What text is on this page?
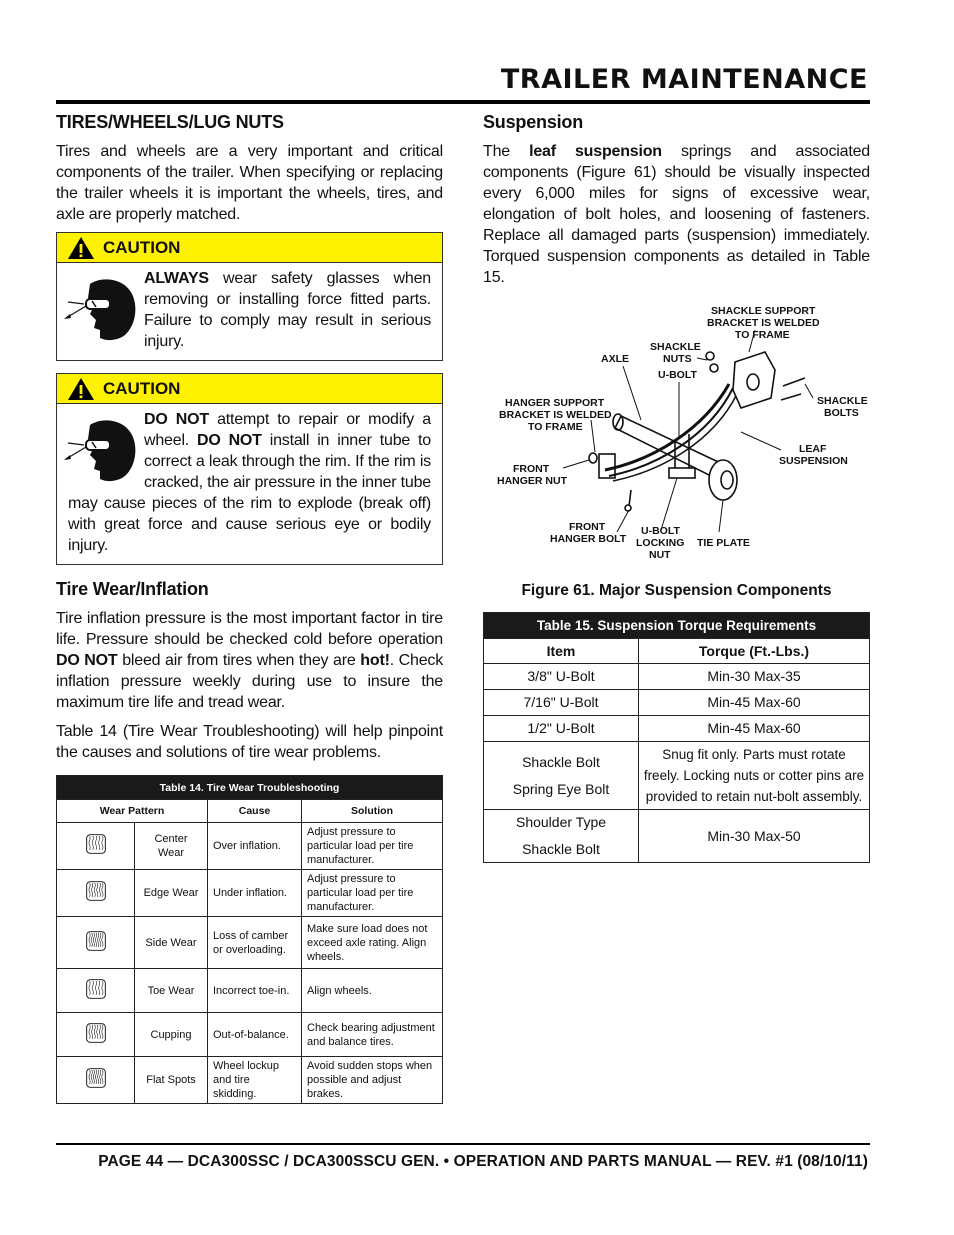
TRAILER MAINTENANCE
TIRES/WHEELS/LUG NUTS

Tires and wheels are a very important and critical components of the trailer. When specifying or replacing the trailer wheels it is important the wheels, tires, and axle are properly matched.

CAUTION
ALWAYS wear safety glasses when removing or installing force fitted parts. Failure to comply may result in serious injury.
CAUTION
DO NOT attempt to repair or modify a wheel. DO NOT install in inner tube to correct a leak through the rim. If the rim is cracked, the air pressure in the inner tube may cause pieces of the rim to explode (break off) with great force and cause serious eye or bodily injury.
Tire Wear/Inflation

Tire inflation pressure is the most important factor in tire life. Pressure should be checked cold before operation DO NOT bleed air from tires when they are hot!. Check inflation pressure weekly during use to insure the maximum tire life and tread wear.

Table 14 (Tire Wear Troubleshooting) will help pinpoint the causes and solutions of tire wear problems.

Table 14. Tire Wear Troubleshooting			
Wear Pattern		Cause	Solution
	Center Wear	Over inflation.	Adjust pressure to particular load per tire manufacturer.
	Edge Wear	Under inflation.	Adjust pressure to particular load per tire manufacturer.
	Side Wear	Loss of camber or overloading.	Make sure load does not exceed axle rating. Align wheels.
	Toe Wear	Incorrect toe-in.	Align wheels.
	Cupping	Out-of-balance.	Check bearing adjustment and balance tires.
	Flat Spots	Wheel lockup and tire skidding.	Avoid sudden stops when possible and adjust brakes.
Suspension

The leaf suspension springs and associated components (Figure 61) should be visually inspected every 6,000 miles for signs of excessive wear, elongation of bolt holes, and loosening of fasteners. Replace all damaged parts (suspension) immediately. Torqued suspension components as detailed in Table 15.

SHACKLE SUPPORT BRACKET IS WELDED TO FRAME
SHACKLE NUTS
AXLE
U-BOLT
HANGER SUPPORT BRACKET IS WELDED TO FRAME
SHACKLE BOLTS
LEAF SUSPENSION
FRONT HANGER NUT
FRONT HANGER BOLT
U-BOLT LOCKING NUT
TIE PLATE
Figure 61. Major Suspension Components
Table 15. Suspension Torque Requirements	
Item	Torque (Ft.-Lbs.)
3/8" U-Bolt	Min-30 Max-35
7/16" U-Bolt	Min-45 Max-60
1/2" U-Bolt	Min-45 Max-60

Shackle Bolt
Spring Eye Bolt	Snug fit only. Parts must rotate freely. Locking nuts or cotter pins are provided to retain nut-bolt assembly.

Shoulder Type
Shackle Bolt	Min-30 Max-50
PAGE 44 — DCA300SSC / DCA300SSCU GEN. • OPERATION AND PARTS MANUAL — REV. #1 (08/10/11)
